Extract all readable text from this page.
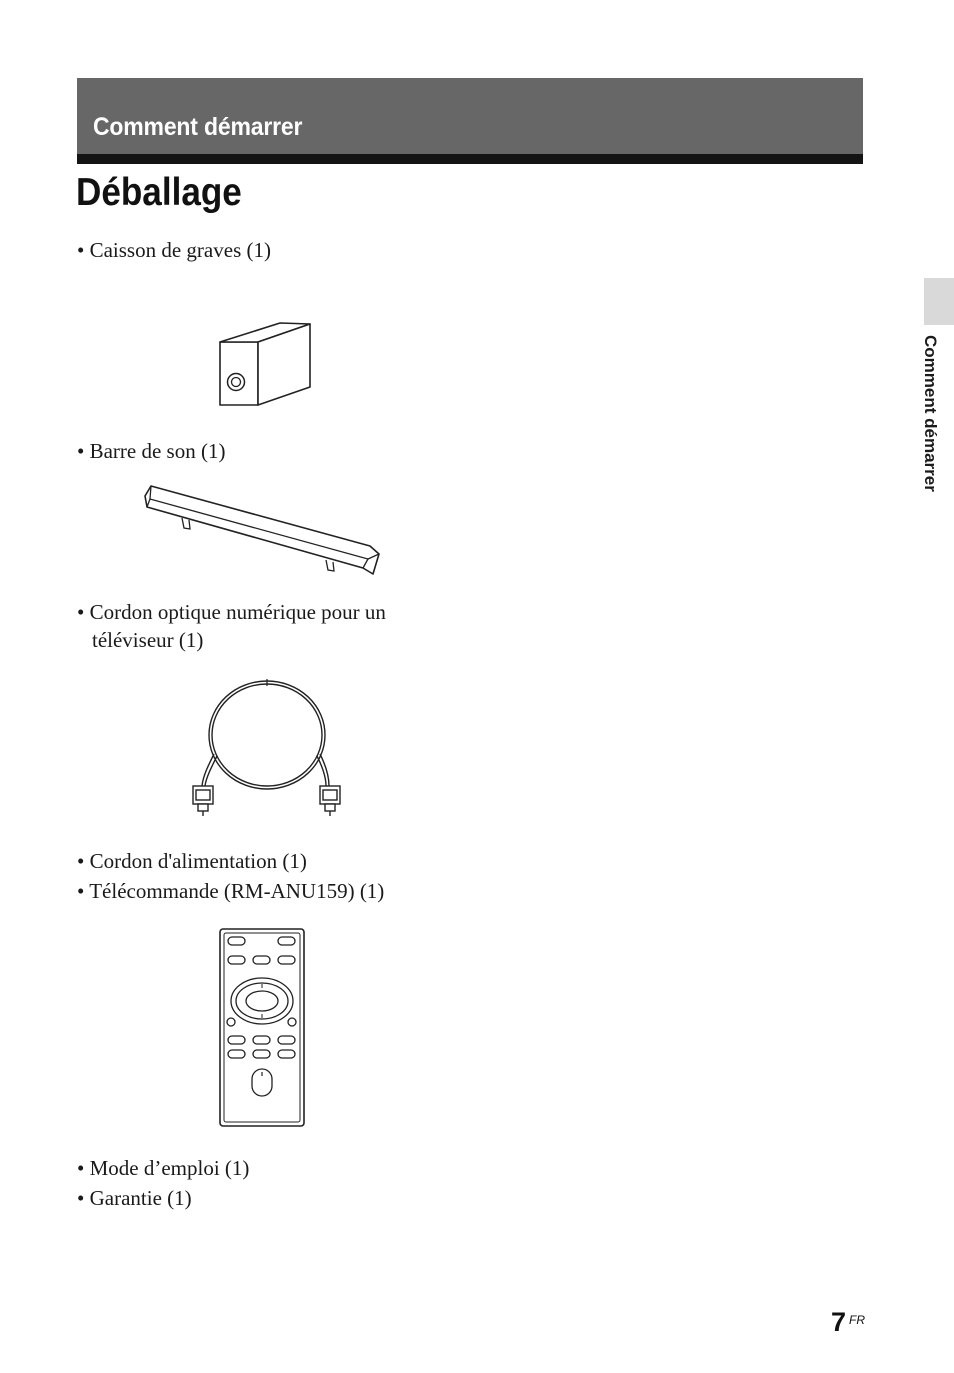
Comment démarrer
Déballage
• Caisson de graves (1)
• Barre de son (1)
• Cordon optique numérique pour un téléviseur (1)
• Cordon d'alimentation (1)
• Télécommande (RM-ANU159) (1)
• Mode d’emploi (1)
• Garantie (1)
Comment démarrer
7 FR
